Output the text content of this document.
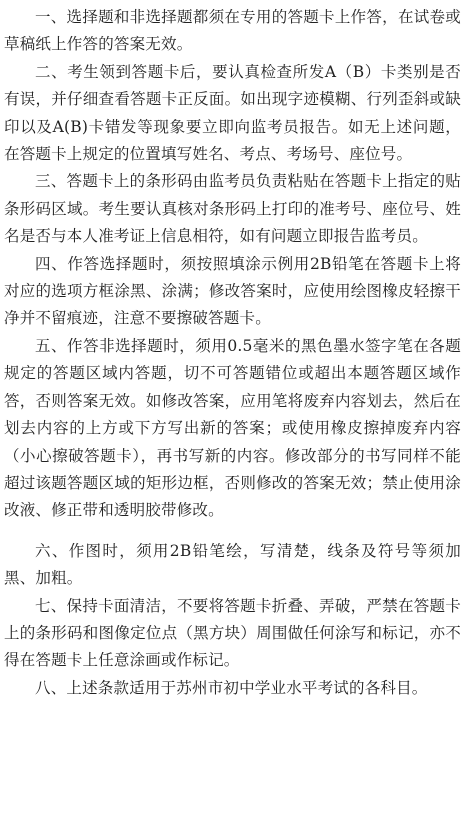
一、选择题和非选择题都须在专用的答题卡上作答，在试卷或草稿纸上作答的答案无效。

二、考生领到答题卡后，要认真检查所发A（B）卡类别是否有误，并仔细查看答题卡正反面。如出现字迹模糊、行列歪斜或缺印以及A(B)卡错发等现象要立即向监考员报告。如无上述问题，在答题卡上规定的位置填写姓名、考点、考场号、座位号。

三、答题卡上的条形码由监考员负责粘贴在答题卡上指定的贴条形码区域。考生要认真核对条形码上打印的准考号、座位号、姓名是否与本人准考证上信息相符，如有问题立即报告监考员。

四、作答选择题时，须按照填涂示例用2B铅笔在答题卡上将对应的选项方框涂黑、涂满；修改答案时，应使用绘图橡皮轻擦干净并不留痕迹，注意不要擦破答题卡。

五、作答非选择题时，须用0.5毫米的黑色墨水签字笔在各题规定的答题区域内答题，切不可答题错位或超出本题答题区域作答，否则答案无效。如修改答案，应用笔将废弃内容划去，然后在划去内容的上方或下方写出新的答案；或使用橡皮擦掉废弃内容（小心擦破答题卡），再书写新的内容。修改部分的书写同样不能超过该题答题区域的矩形边框，否则修改的答案无效；禁止使用涂改液、修正带和透明胶带修改。

六、作图时，须用2B铅笔绘，写清楚，线条及符号等须加黑、加粗。

七、保持卡面清洁，不要将答题卡折叠、弄破，严禁在答题卡上的条形码和图像定位点（黑方块）周围做任何涂写和标记，亦不得在答题卡上任意涂画或作标记。

八、上述条款适用于苏州市初中学业水平考试的各科目。
